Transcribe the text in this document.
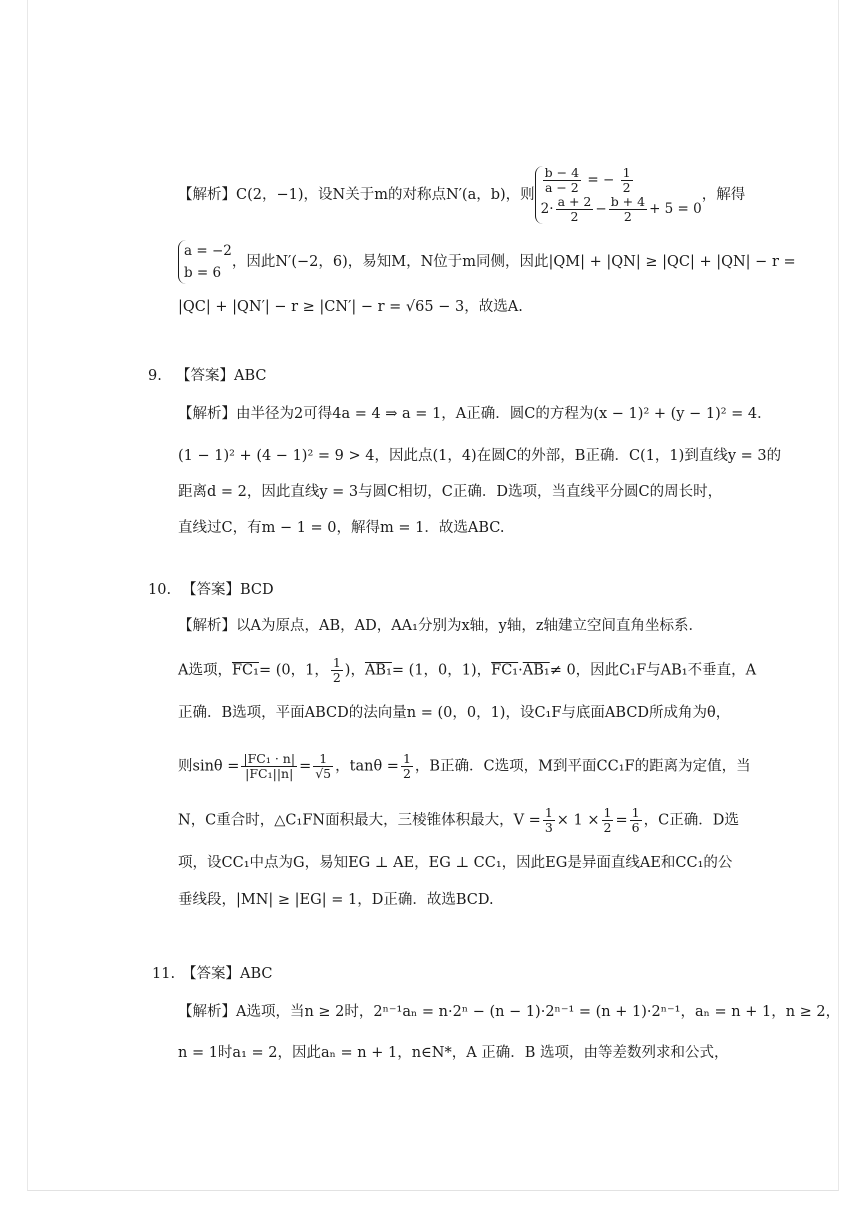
【解析】C(2，−1)，设N关于m的对称点N′(a，b)，则 $\frac{b - 4}{a - 2}$ = − $\frac{1}{2}$
$2\cdot \frac{a + 2}{2} - \frac{b + 4}{2} + 5 = 0$
，解得
a = −2
b = 6
，因此N′(−2，6)，易知M，N位于m同侧，因此|QM| + |QN| ≥ |QC| + |QN| − r =
|QC| + |QN′| − r ≥ |CN′| − r = √65 − 3，故选A.
9. 【答案】ABC
【解析】由半径为2可得4a = 4 ⇒ a = 1，A正确．圆C的方程为(x − 1)² + (y − 1)² = 4．
(1 − 1)² + (4 − 1)² = 9 > 4，因此点(1，4)在圆C的外部，B正确．C(1，1)到直线y = 3的
距离d = 2，因此直线y = 3与圆C相切，C正确．D选项，当直线平分圆C的周长时，
直线过C，有m − 1 = 0，解得m = 1．故选ABC.
10. 【答案】BCD
【解析】以A为原点，AB，AD，AA₁分别为x轴，y轴，z轴建立空间直角坐标系．
A选项，FC₁= (0，1， $\frac{1}{2}$ )，AB₁= (1，0，1)，FC₁·AB₁≠ 0，因此C₁F与AB₁不垂直，A
正确．B选项，平面ABCD的法向量n = (0，0，1)，设C₁F与底面ABCD所成角为θ，
则$\sin\theta = \frac{\text{|FC₁ · n|}}{\text{|FC₁||n|}} = \frac{1}{√5}$ ，$\tan\theta = \frac{1}{2}$ ，B正确．C选项，M到平面CC₁F的距离为定值，当
N，C重合时，△C₁FN面积最大，三棱锥体积最大，$V = \frac{1}{3} \times 1 \times \frac{1}{2} = \frac{1}{6}$ ，C正确．D选
项，设CC₁中点为G，易知EG ⊥ AE，EG ⊥ CC₁，因此EG是异面直线AE和CC₁的公
垂线段，|MN| ≥ |EG| = 1，D正确．故选BCD.
11. 【答案】ABC
【解析】A选项，当n ≥ 2时，2ⁿ⁻¹aₙ = n·2ⁿ − (n − 1)·2ⁿ⁻¹ = (n + 1)·2ⁿ⁻¹，aₙ = n + 1，n ≥ 2，
n = 1时a₁ = 2，因此aₙ = n + 1，n∈N*，A 正确．B 选项，由等差数列求和公式，
